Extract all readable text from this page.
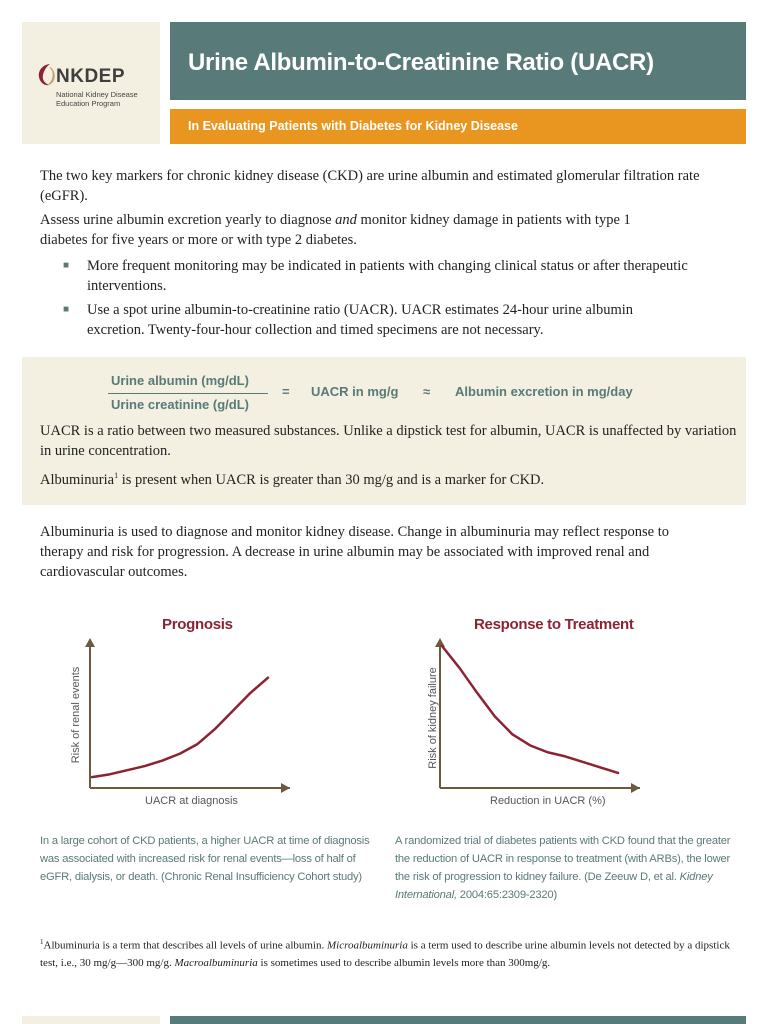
NKDEP
National Kidney Disease Education Program
Urine Albumin-to-Creatinine Ratio (UACR)
In Evaluating Patients with Diabetes for Kidney Disease
The two key markers for chronic kidney disease (CKD) are urine albumin and estimated glomerular filtration rate (eGFR).
Assess urine albumin excretion yearly to diagnose and monitor kidney damage in patients with type 1 diabetes for five years or more or with type 2 diabetes.
■ More frequent monitoring may be indicated in patients with changing clinical status or after therapeutic interventions.
■ Use a spot urine albumin-to-creatinine ratio (UACR). UACR estimates 24-hour urine albumin excretion. Twenty-four-hour collection and timed specimens are not necessary.
Urine albumin (mg/dL)
Urine creatinine (g/dL)
= UACR in mg/g ≈ Albumin excretion in mg/day
UACR is a ratio between two measured substances. Unlike a dipstick test for albumin, UACR is unaffected by variation in urine concentration.
Albuminuria$^1$ is present when UACR is greater than 30 mg/g and is a marker for CKD.
Albuminuria is used to diagnose and monitor kidney disease. Change in albuminuria may reflect response to therapy and risk for progression. A decrease in urine albumin may be associated with improved renal and cardiovascular outcomes.
Prognosis	Response to Treatment
UACR at diagnosis	Reduction in UACR (%)
Risk of renal events	Risk of kidney failure
In a large cohort of CKD patients, a higher UACR at time of diagnosis was associated with increased risk for renal events—loss of half of eGFR, dialysis, or death. (Chronic Renal Insufficiency Cohort study)
A randomized trial of diabetes patients with CKD found that the greater the reduction of UACR in response to treatment (with ARBs), the lower the risk of progression to kidney failure. (De Zeeuw D, et al. Kidney International, 2004:65:2309-2320)
$^1$Albuminuria is a term that describes all levels of urine albumin. Microalbuminuria is a term used to describe urine albumin levels not detected by a dipstick test, i.e., 30 mg/g—300 mg/g. Macroalbuminuria is sometimes used to describe albumin levels more than 300mg/g.
